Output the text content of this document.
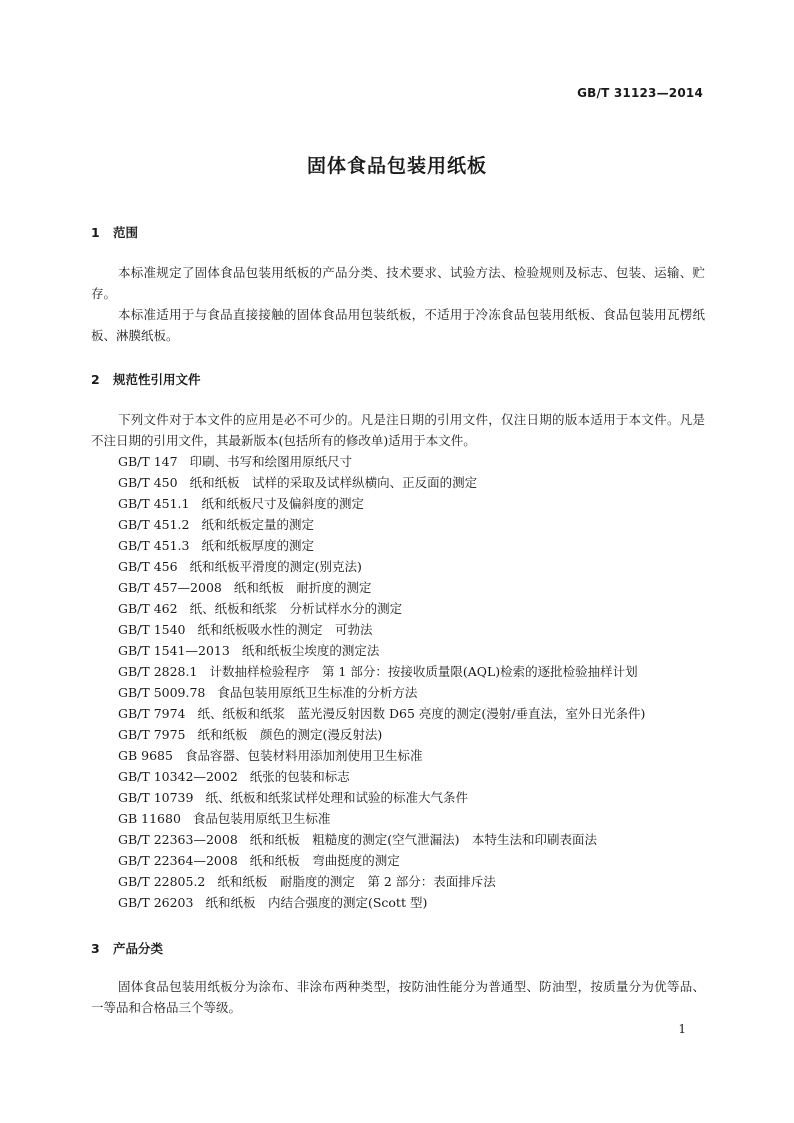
GB/T 31123—2014
固体食品包装用纸板
1 范围

本标准规定了固体食品包装用纸板的产品分类、技术要求、试验方法、检验规则及标志、包装、运输、贮存。

本标准适用于与食品直接接触的固体食品用包装纸板，不适用于冷冻食品包装用纸板、食品包装用瓦楞纸板、淋膜纸板。

2 规范性引用文件

下列文件对于本文件的应用是必不可少的。凡是注日期的引用文件，仅注日期的版本适用于本文件。凡是不注日期的引用文件，其最新版本(包括所有的修改单)适用于本文件。

GB/T 147 印刷、书写和绘图用原纸尺寸
GB/T 450 纸和纸板　试样的采取及试样纵横向、正反面的测定
GB/T 451.1 纸和纸板尺寸及偏斜度的测定
GB/T 451.2 纸和纸板定量的测定
GB/T 451.3 纸和纸板厚度的测定
GB/T 456 纸和纸板平滑度的测定(别克法)
GB/T 457—2008 纸和纸板　耐折度的测定
GB/T 462 纸、纸板和纸浆　分析试样水分的测定
GB/T 1540 纸和纸板吸水性的测定　可勃法
GB/T 1541—2013 纸和纸板尘埃度的测定法
GB/T 2828.1 计数抽样检验程序　第 1 部分：按接收质量限(AQL)检索的逐批检验抽样计划
GB/T 5009.78 食品包装用原纸卫生标准的分析方法
GB/T 7974 纸、纸板和纸浆　蓝光漫反射因数 D65 亮度的测定(漫射/垂直法，室外日光条件)
GB/T 7975 纸和纸板　颜色的测定(漫反射法)
GB 9685 食品容器、包装材料用添加剂使用卫生标准
GB/T 10342—2002 纸张的包装和标志
GB/T 10739 纸、纸板和纸浆试样处理和试验的标准大气条件
GB 11680 食品包装用原纸卫生标准
GB/T 22363—2008 纸和纸板　粗糙度的测定(空气泄漏法)　本特生法和印刷表面法
GB/T 22364—2008 纸和纸板　弯曲挺度的测定
GB/T 22805.2 纸和纸板　耐脂度的测定　第 2 部分：表面排斥法
GB/T 26203 纸和纸板　内结合强度的测定(Scott 型)
3 产品分类

固体食品包装用纸板分为涂布、非涂布两种类型，按防油性能分为普通型、防油型，按质量分为优等品、一等品和合格品三个等级。

1
